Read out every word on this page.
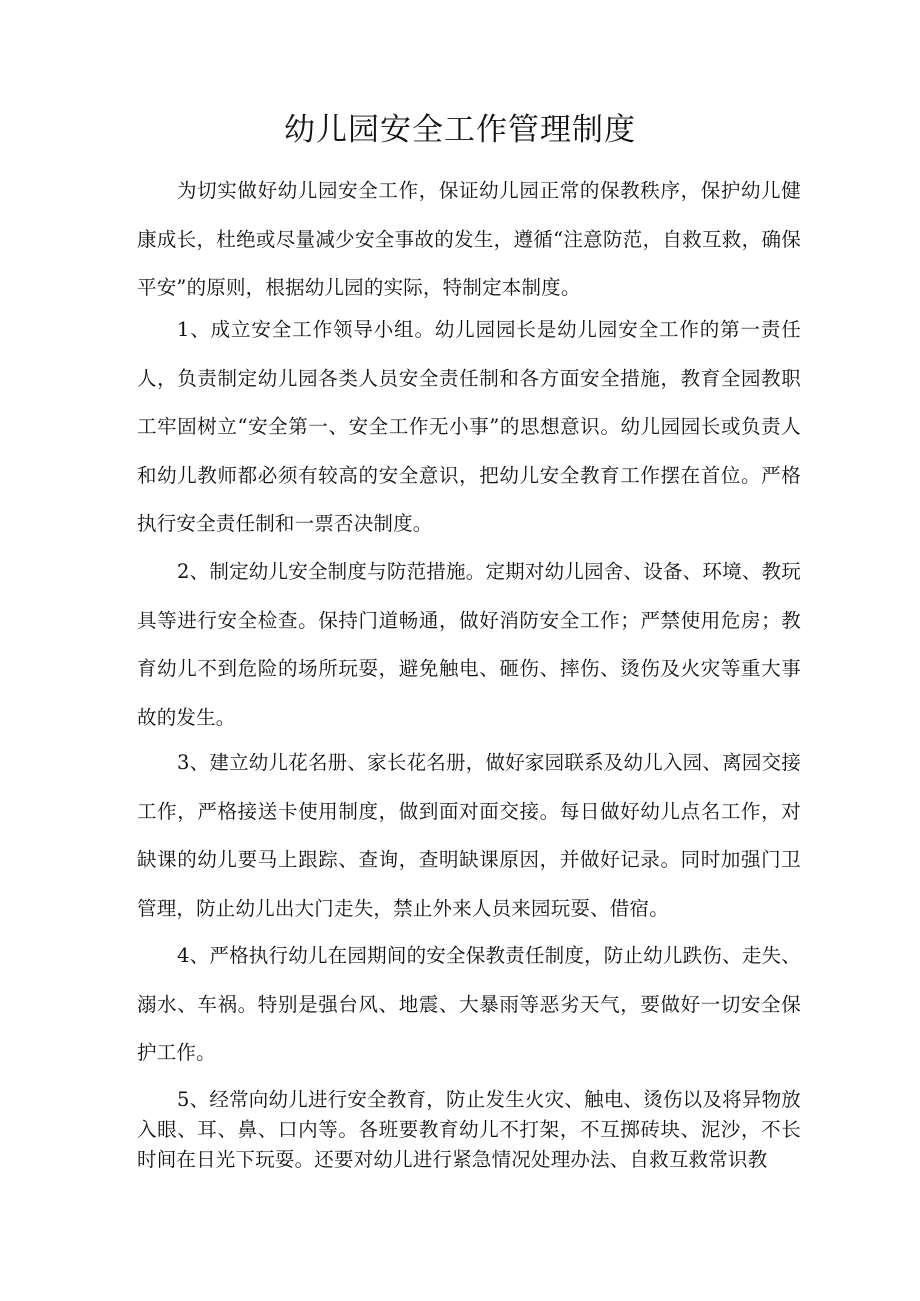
幼儿园安全工作管理制度

为切实做好幼儿园安全工作，保证幼儿园正常的保教秩序，保护幼儿健康成长，杜绝或尽量减少安全事故的发生，遵循“注意防范，自救互救，确保平安”的原则，根据幼儿园的实际，特制定本制度。

1、成立安全工作领导小组。幼儿园园长是幼儿园安全工作的第一责任人，负责制定幼儿园各类人员安全责任制和各方面安全措施，教育全园教职工牢固树立“安全第一、安全工作无小事”的思想意识。幼儿园园长或负责人和幼儿教师都必须有较高的安全意识，把幼儿安全教育工作摆在首位。严格执行安全责任制和一票否决制度。

2、制定幼儿安全制度与防范措施。定期对幼儿园舍、设备、环境、教玩具等进行安全检查。保持门道畅通，做好消防安全工作；严禁使用危房；教育幼儿不到危险的场所玩耍，避免触电、砸伤、摔伤、烫伤及火灾等重大事故的发生。

3、建立幼儿花名册、家长花名册，做好家园联系及幼儿入园、离园交接工作，严格接送卡使用制度，做到面对面交接。每日做好幼儿点名工作，对缺课的幼儿要马上跟踪、查询，查明缺课原因，并做好记录。同时加强门卫管理，防止幼儿出大门走失，禁止外来人员来园玩耍、借宿。

4、严格执行幼儿在园期间的安全保教责任制度，防止幼儿跌伤、走失、溺水、车祸。特别是强台风、地震、大暴雨等恶劣天气，要做好一切安全保护工作。

5、经常向幼儿进行安全教育，防止发生火灾、触电、烫伤以及将异物放入眼、耳、鼻、口内等。各班要教育幼儿不打架，不互掷砖块、泥沙，不长时间在日光下玩耍。还要对幼儿进行紧急情况处理办法、自救互救常识教
